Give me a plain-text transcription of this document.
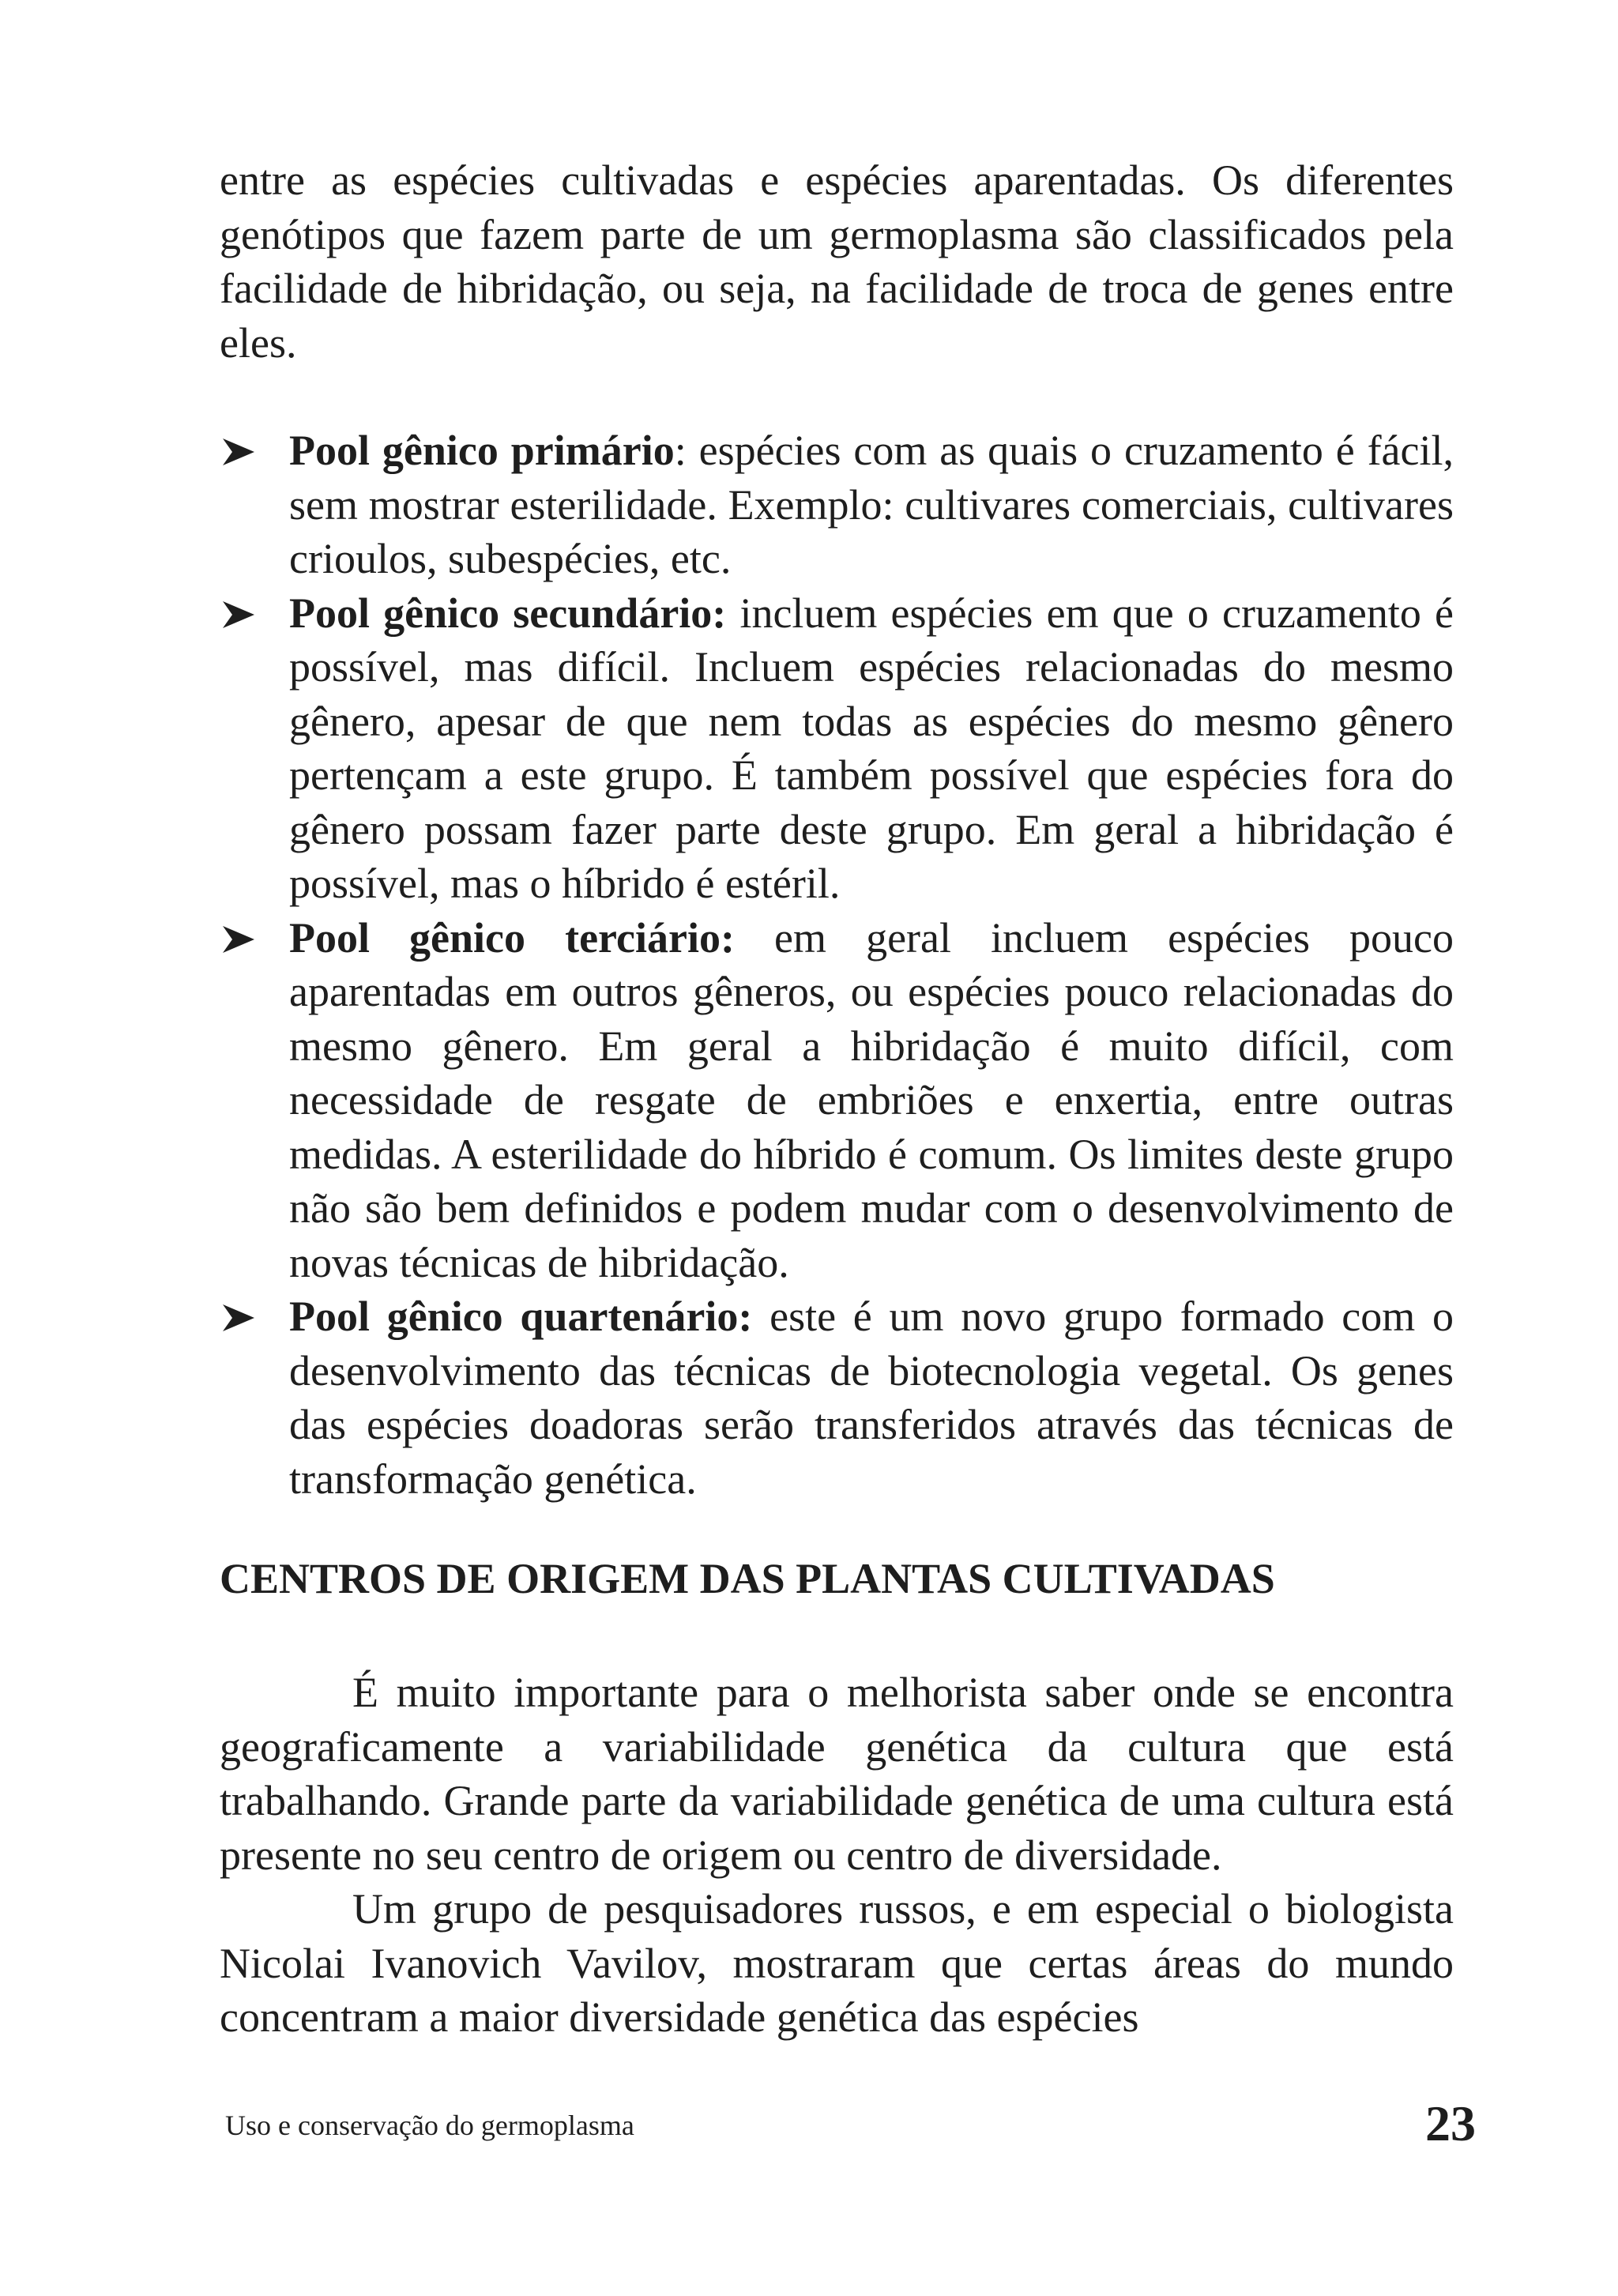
entre as espécies cultivadas e espécies aparentadas. Os diferentes genótipos que fazem parte de um germoplasma são classificados pela facilidade de hibridação, ou seja, na facilidade de troca de genes entre eles.
Pool gênico primário: espécies com as quais o cruzamento é fácil, sem mostrar esterilidade. Exemplo: cultivares comerciais, cultivares crioulos, subespécies, etc.
Pool gênico secundário: incluem espécies em que o cruzamento é possível, mas difícil. Incluem espécies relacionadas do mesmo gênero, apesar de que nem todas as espécies do mesmo gênero pertençam a este grupo. É também possível que espécies fora do gênero possam fazer parte deste grupo. Em geral a hibridação é possível, mas o híbrido é estéril.
Pool gênico terciário: em geral incluem espécies pouco aparentadas em outros gêneros, ou espécies pouco relacionadas do mesmo gênero. Em geral a hibridação é muito difícil, com necessidade de resgate de embriões e enxertia, entre outras medidas. A esterilidade do híbrido é comum. Os limites deste grupo não são bem definidos e podem mudar com o desenvolvimento de novas técnicas de hibridação.
Pool gênico quartenário: este é um novo grupo formado com o desenvolvimento das técnicas de biotecnologia vegetal. Os genes das espécies doadoras serão transferidos através das técnicas de transformação genética.
CENTROS DE ORIGEM DAS PLANTAS CULTIVADAS

É muito importante para o melhorista saber onde se encontra geograficamente a variabilidade genética da cultura que está trabalhando. Grande parte da variabilidade genética de uma cultura está presente no seu centro de origem ou centro de diversidade.

Um grupo de pesquisadores russos, e em especial o biologista Nicolai Ivanovich Vavilov, mostraram que certas áreas do mundo concentram a maior diversidade genética das espécies

Uso e conservação do germoplasma	23
